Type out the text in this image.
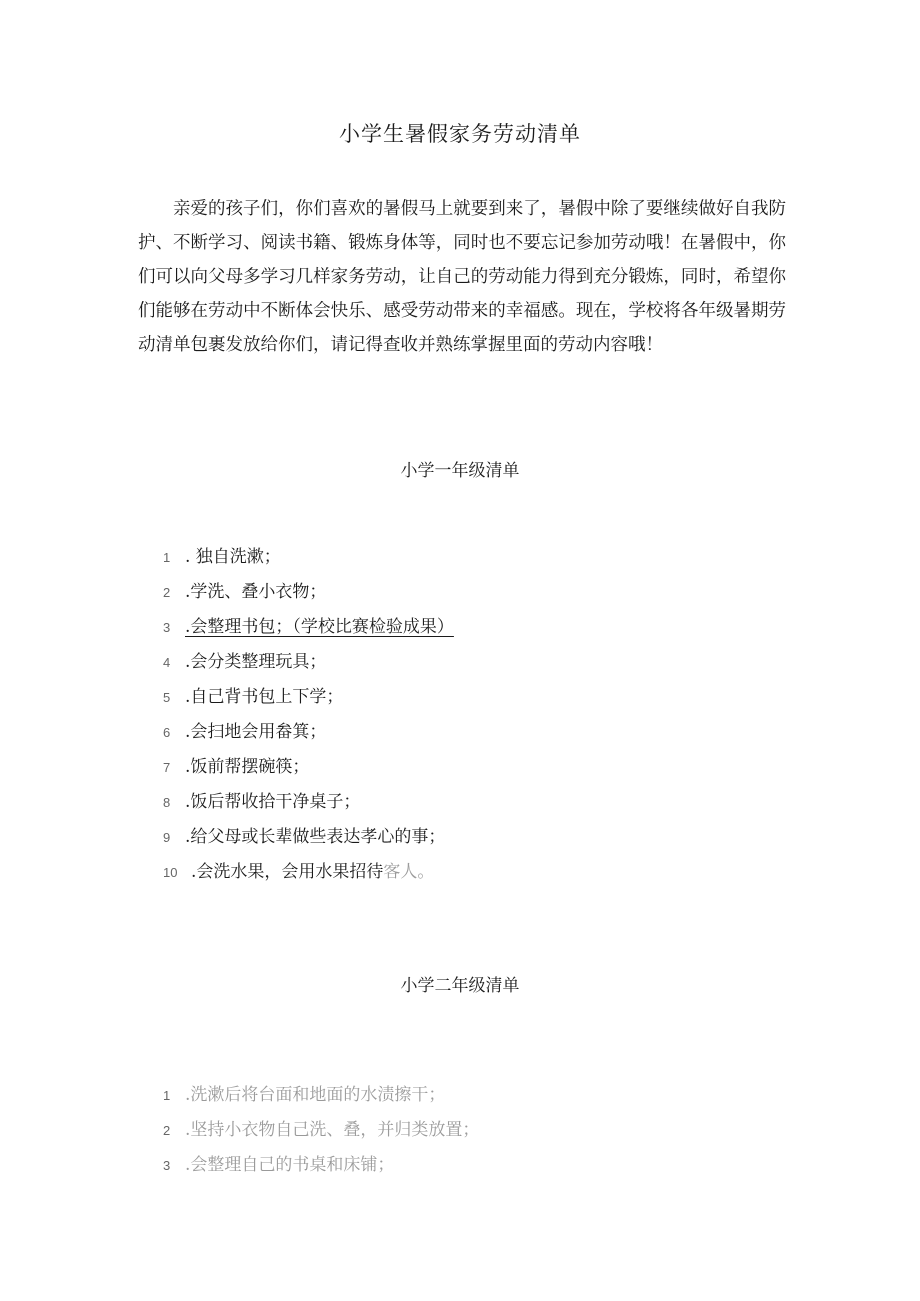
小学生暑假家务劳动清单

亲爱的孩子们，你们喜欢的暑假马上就要到来了，暑假中除了要继续做好自我防护、不断学习、阅读书籍、锻炼身体等，同时也不要忘记参加劳动哦！在暑假中，你们可以向父母多学习几样家务劳动，让自己的劳动能力得到充分锻炼，同时，希望你们能够在劳动中不断体会快乐、感受劳动带来的幸福感。现在，学校将各年级暑期劳动清单包裹发放给你们，请记得查收并熟练掌握里面的劳动内容哦！

小学一年级清单
1 . 独自洗漱；
2 .学洗、叠小衣物；
3 .会整理书包；（学校比赛检验成果）
4 .会分类整理玩具；
5 .自己背书包上下学；
6 .会扫地会用畚箕；
7 .饭前帮摆碗筷；
8 .饭后帮收拾干净桌子；
9 .给父母或长辈做些表达孝心的事；
10 .会洗水果，会用水果招待客人。
小学二年级清单
1 .洗漱后将台面和地面的水渍擦干；
2 .坚持小衣物自己洗、叠，并归类放置；
3 .会整理自己的书桌和床铺；
